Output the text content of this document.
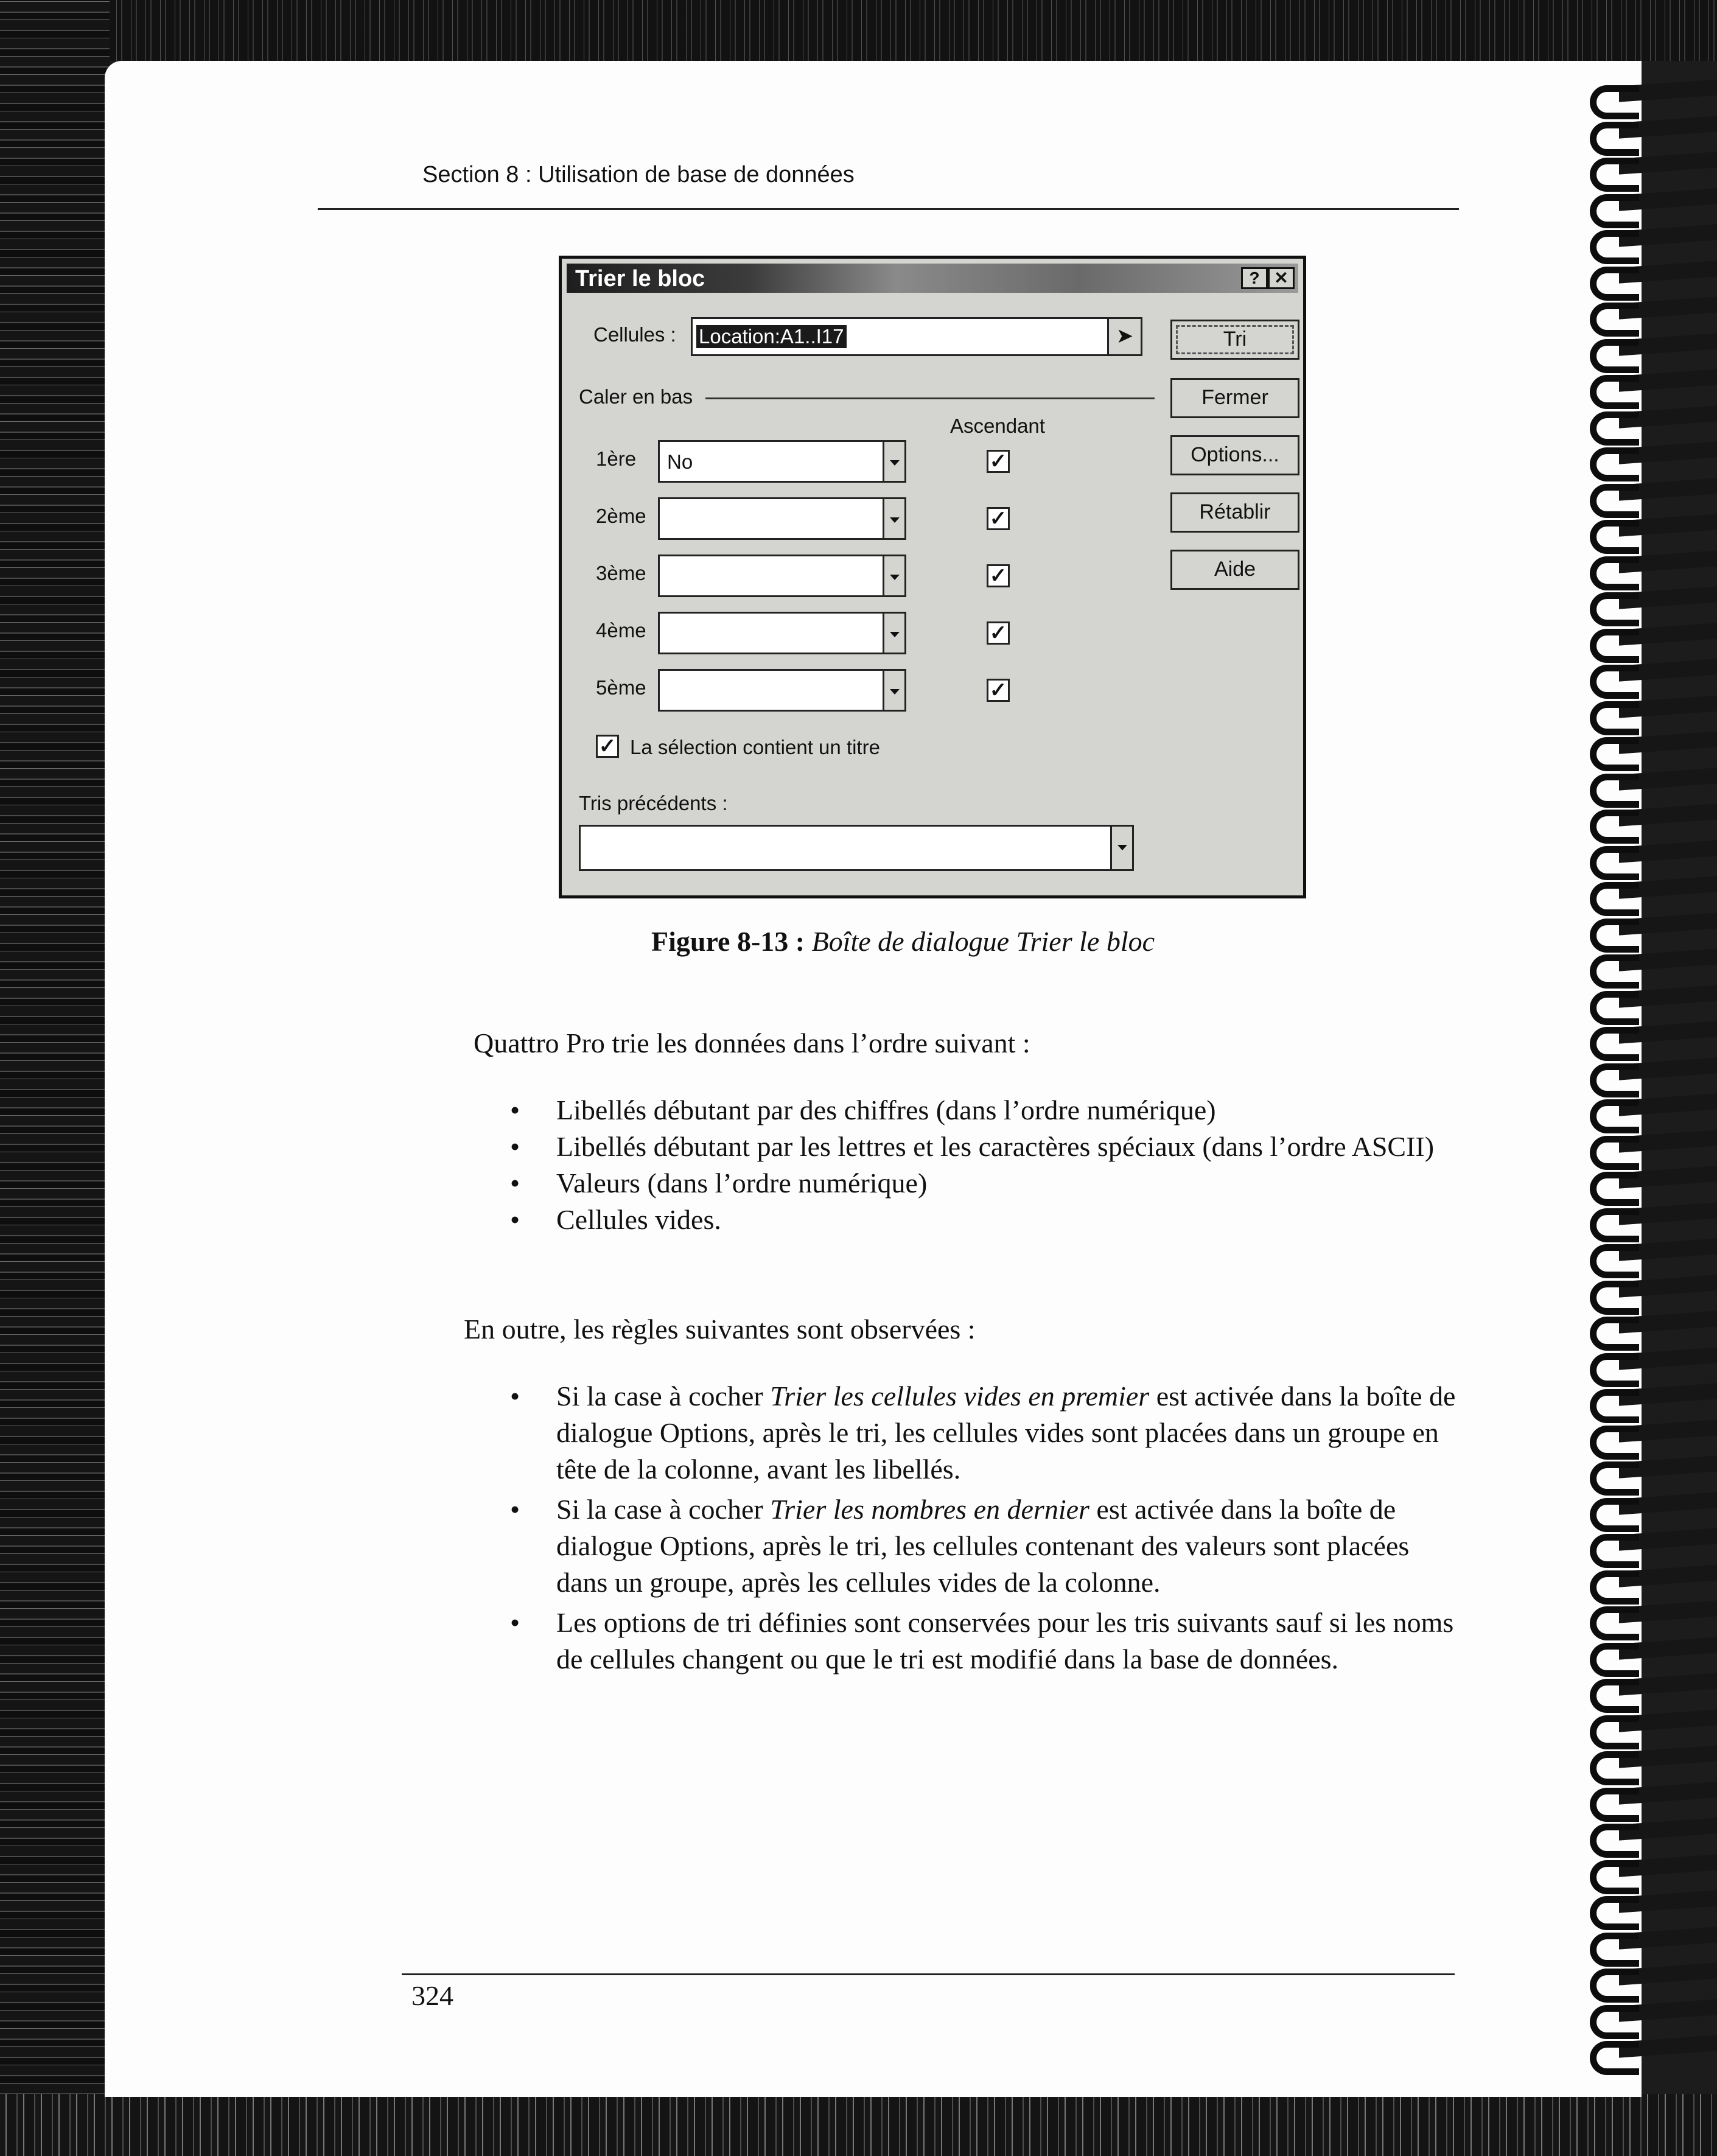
Section 8 : Utilisation de base de données
Trier le bloc	? ✕
Cellules : Location:A1..I17	➤
Caler en bas
Ascendant
1ère No	✓
2ème	✓
3ème	✓
4ème	✓
5ème	✓
✓ La sélection contient un titre
Tris précédents :
Tri
Fermer
Options...
Rétablir
Aide
Figure 8-13 : Boîte de dialogue Trier le bloc
Quattro Pro trie les données dans l’ordre suivant :
• Libellés débutant par des chiffres (dans l’ordre numérique)
• Libellés débutant par les lettres et les caractères spéciaux (dans l’ordre ASCII)
• Valeurs (dans l’ordre numérique)
• Cellules vides.
En outre, les règles suivantes sont observées :
• Si la case à cocher Trier les cellules vides en premier est activée dans la boîte de dialogue Options, après le tri, les cellules vides sont placées dans un groupe en tête de la colonne, avant les libellés.
• Si la case à cocher Trier les nombres en dernier est activée dans la boîte de dialogue Options, après le tri, les cellules contenant des valeurs sont placées dans un groupe, après les cellules vides de la colonne.
• Les options de tri définies sont conservées pour les tris suivants sauf si les noms de cellules changent ou que le tri est modifié dans la base de données.
324
